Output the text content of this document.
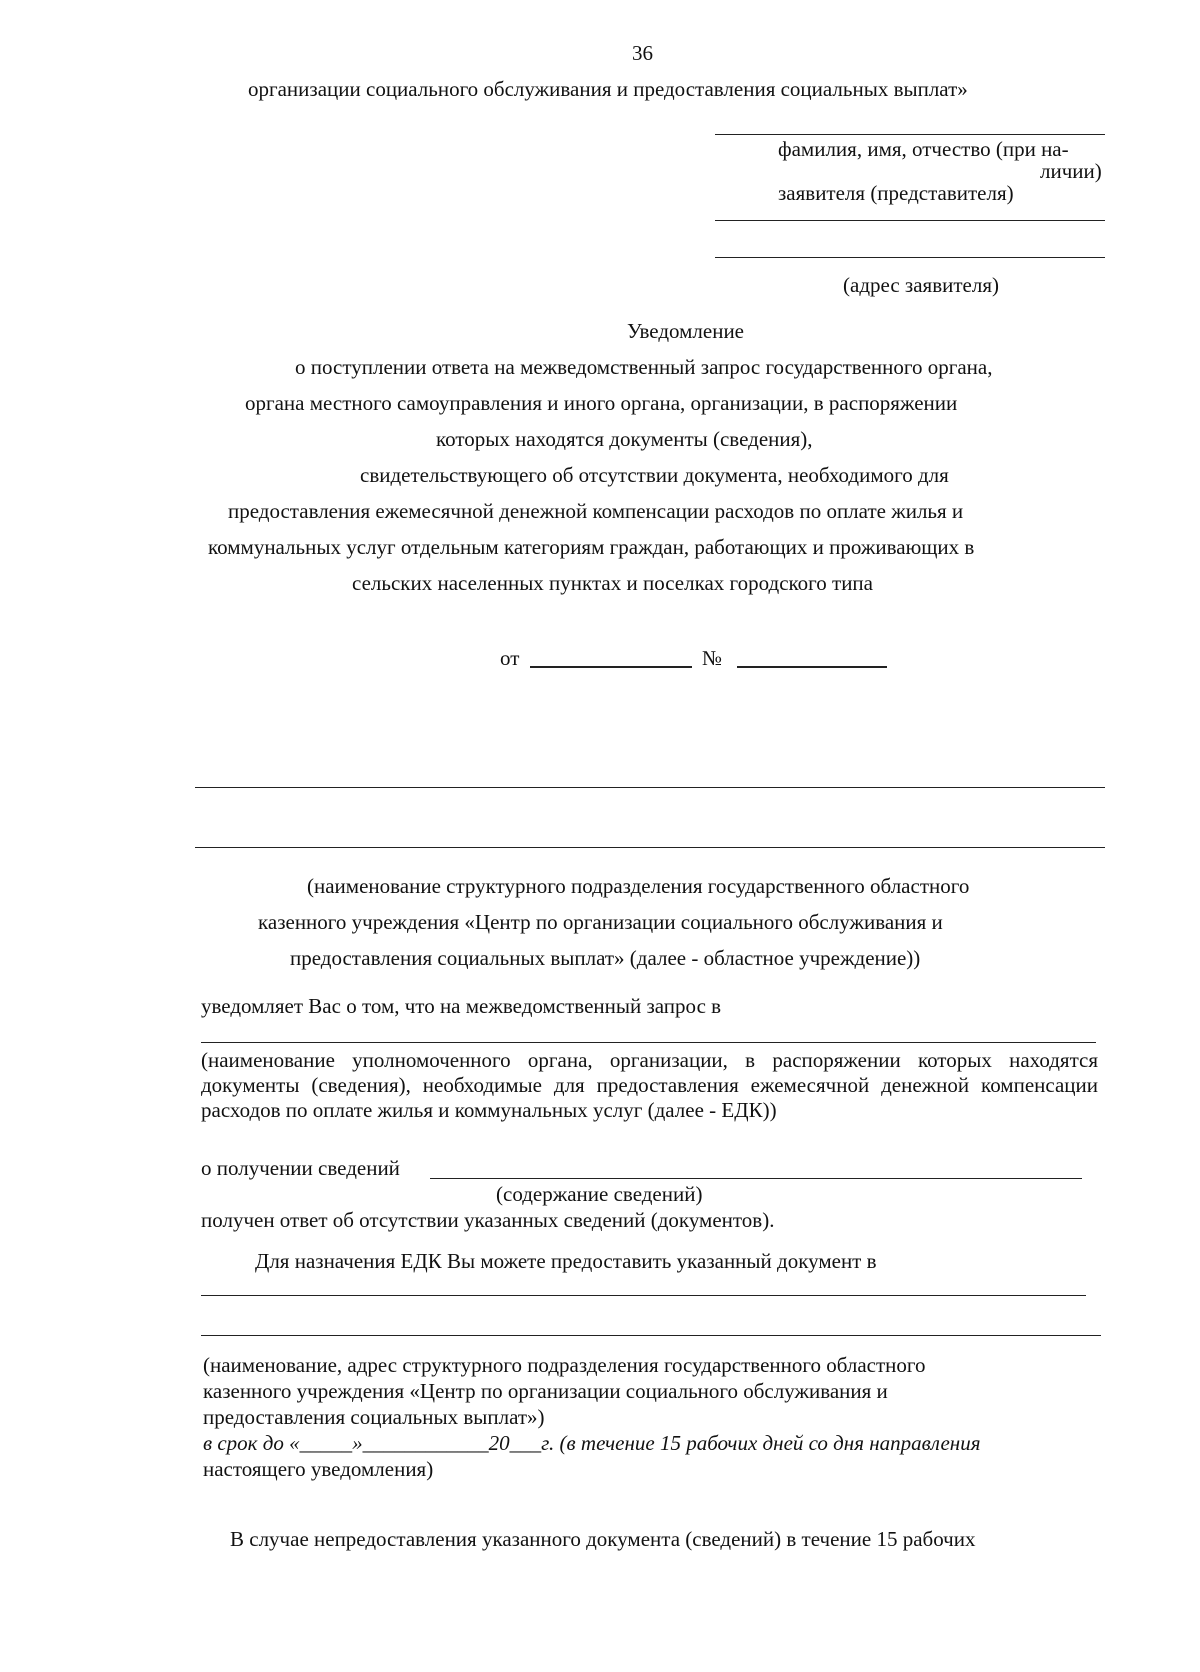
36
организации социального обслуживания и предоставления социальных выплат»
фамилия, имя, отчество (при на-
личии)
заявителя (представителя)
(адрес заявителя)
Уведомление
о поступлении ответа на межведомственный запрос государственного органа,
органа местного самоуправления и иного органа, организации, в распоряжении
которых находятся документы (сведения),
свидетельствующего об отсутствии документа, необходимого для
предоставления ежемесячной денежной компенсации расходов по оплате жилья и
коммунальных услуг отдельным категориям граждан, работающих и проживающих в
сельских населенных пунктах и поселках городского типа
от	№
(наименование структурного подразделения государственного областного
казенного учреждения «Центр по организации социального обслуживания и
предоставления социальных выплат» (далее - областное учреждение))
уведомляет Вас о том, что на межведомственный запрос в
(наименование уполномоченного органа, организации, в распоряжении которых находятся документы (сведения), необходимые для предоставления ежемесячной денежной компенсации расходов по оплате жилья и коммунальных услуг (далее - ЕДК))
о получении сведений
(содержание сведений)
получен ответ об отсутствии указанных сведений (документов).
Для назначения ЕДК Вы можете предоставить указанный документ в
(наименование, адрес структурного подразделения государственного областного
казенного учреждения «Центр по организации социального обслуживания и
предоставления социальных выплат»)
в срок до «_____»____________20___г. (в течение 15 рабочих дней со дня направления
настоящего уведомления)
В случае непредоставления указанного документа (сведений) в течение 15 рабочих
